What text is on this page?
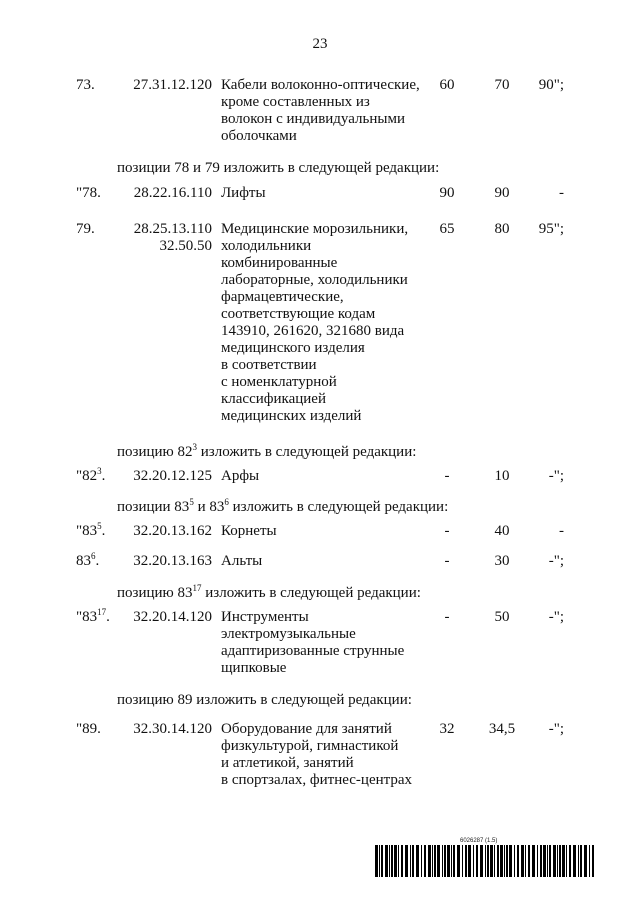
23
73.	27.31.12.120 Кабели волоконно-оптические,
кроме составленных из
волокон с индивидуальными
оболочками
60	70	90";
позиции 78 и 79 изложить в следующей редакции:
"78.	28.22.16.110 Лифты	90	90	-
79.	28.25.13.110
32.50.50
Медицинские морозильники,
холодильники
комбинированные
лабораторные, холодильники
фармацевтические,
соответствующие кодам
143910, 261620, 321680 вида
медицинского изделия
в соответствии
с номенклатурной
классификацией
медицинских изделий
65	80	95";
позицию $82^3$ изложить в следующей редакции:
"$82^3$.	32.20.12.125 Арфы	-	10	-";
позиции $83^5$ и $83^6$ изложить в следующей редакции:
"$83^5$.	32.20.13.162 Корнеты	-	40	-
$83^6$.	32.20.13.163 Альты	-	30	-";
позицию $83^{17}$ изложить в следующей редакции:
"$83^{17}$.	32.20.14.120 Инструменты
электромузыкальные
адаптиризованные струнные
щипковые
-	50	-";
позицию 89 изложить в следующей редакции:
"89.	32.30.14.120 Оборудование для занятий
физкультурой, гимнастикой
и атлетикой, занятий
в спортзалах, фитнес-центрах
32	34,5	-";
6026287 (1.5)
